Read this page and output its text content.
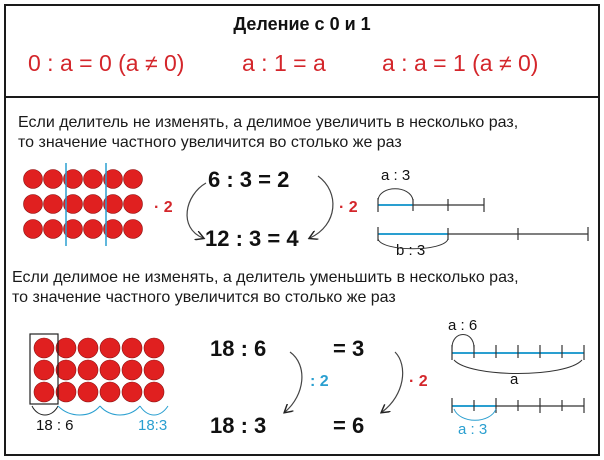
Деление с 0 и 1
0 : a = 0 (a ≠ 0)	a : 1 = a a : a = 1 (a ≠ 0)
Если делитель не изменять, а делимое увеличить в несколько раз,
то значение частного увеличится во столько же раз
6 : 3 = 2
12 : 3 = 4
· 2	· 2
a : 3
b : 3
Если делимое не изменять, а делитель уменьшить в несколько раз,
то значение частного увеличится во столько же раз
18 : 6	= 3
18 : 3	= 6
: 2	· 2
18 : 6	18:3
a : 6
a
a : 3
